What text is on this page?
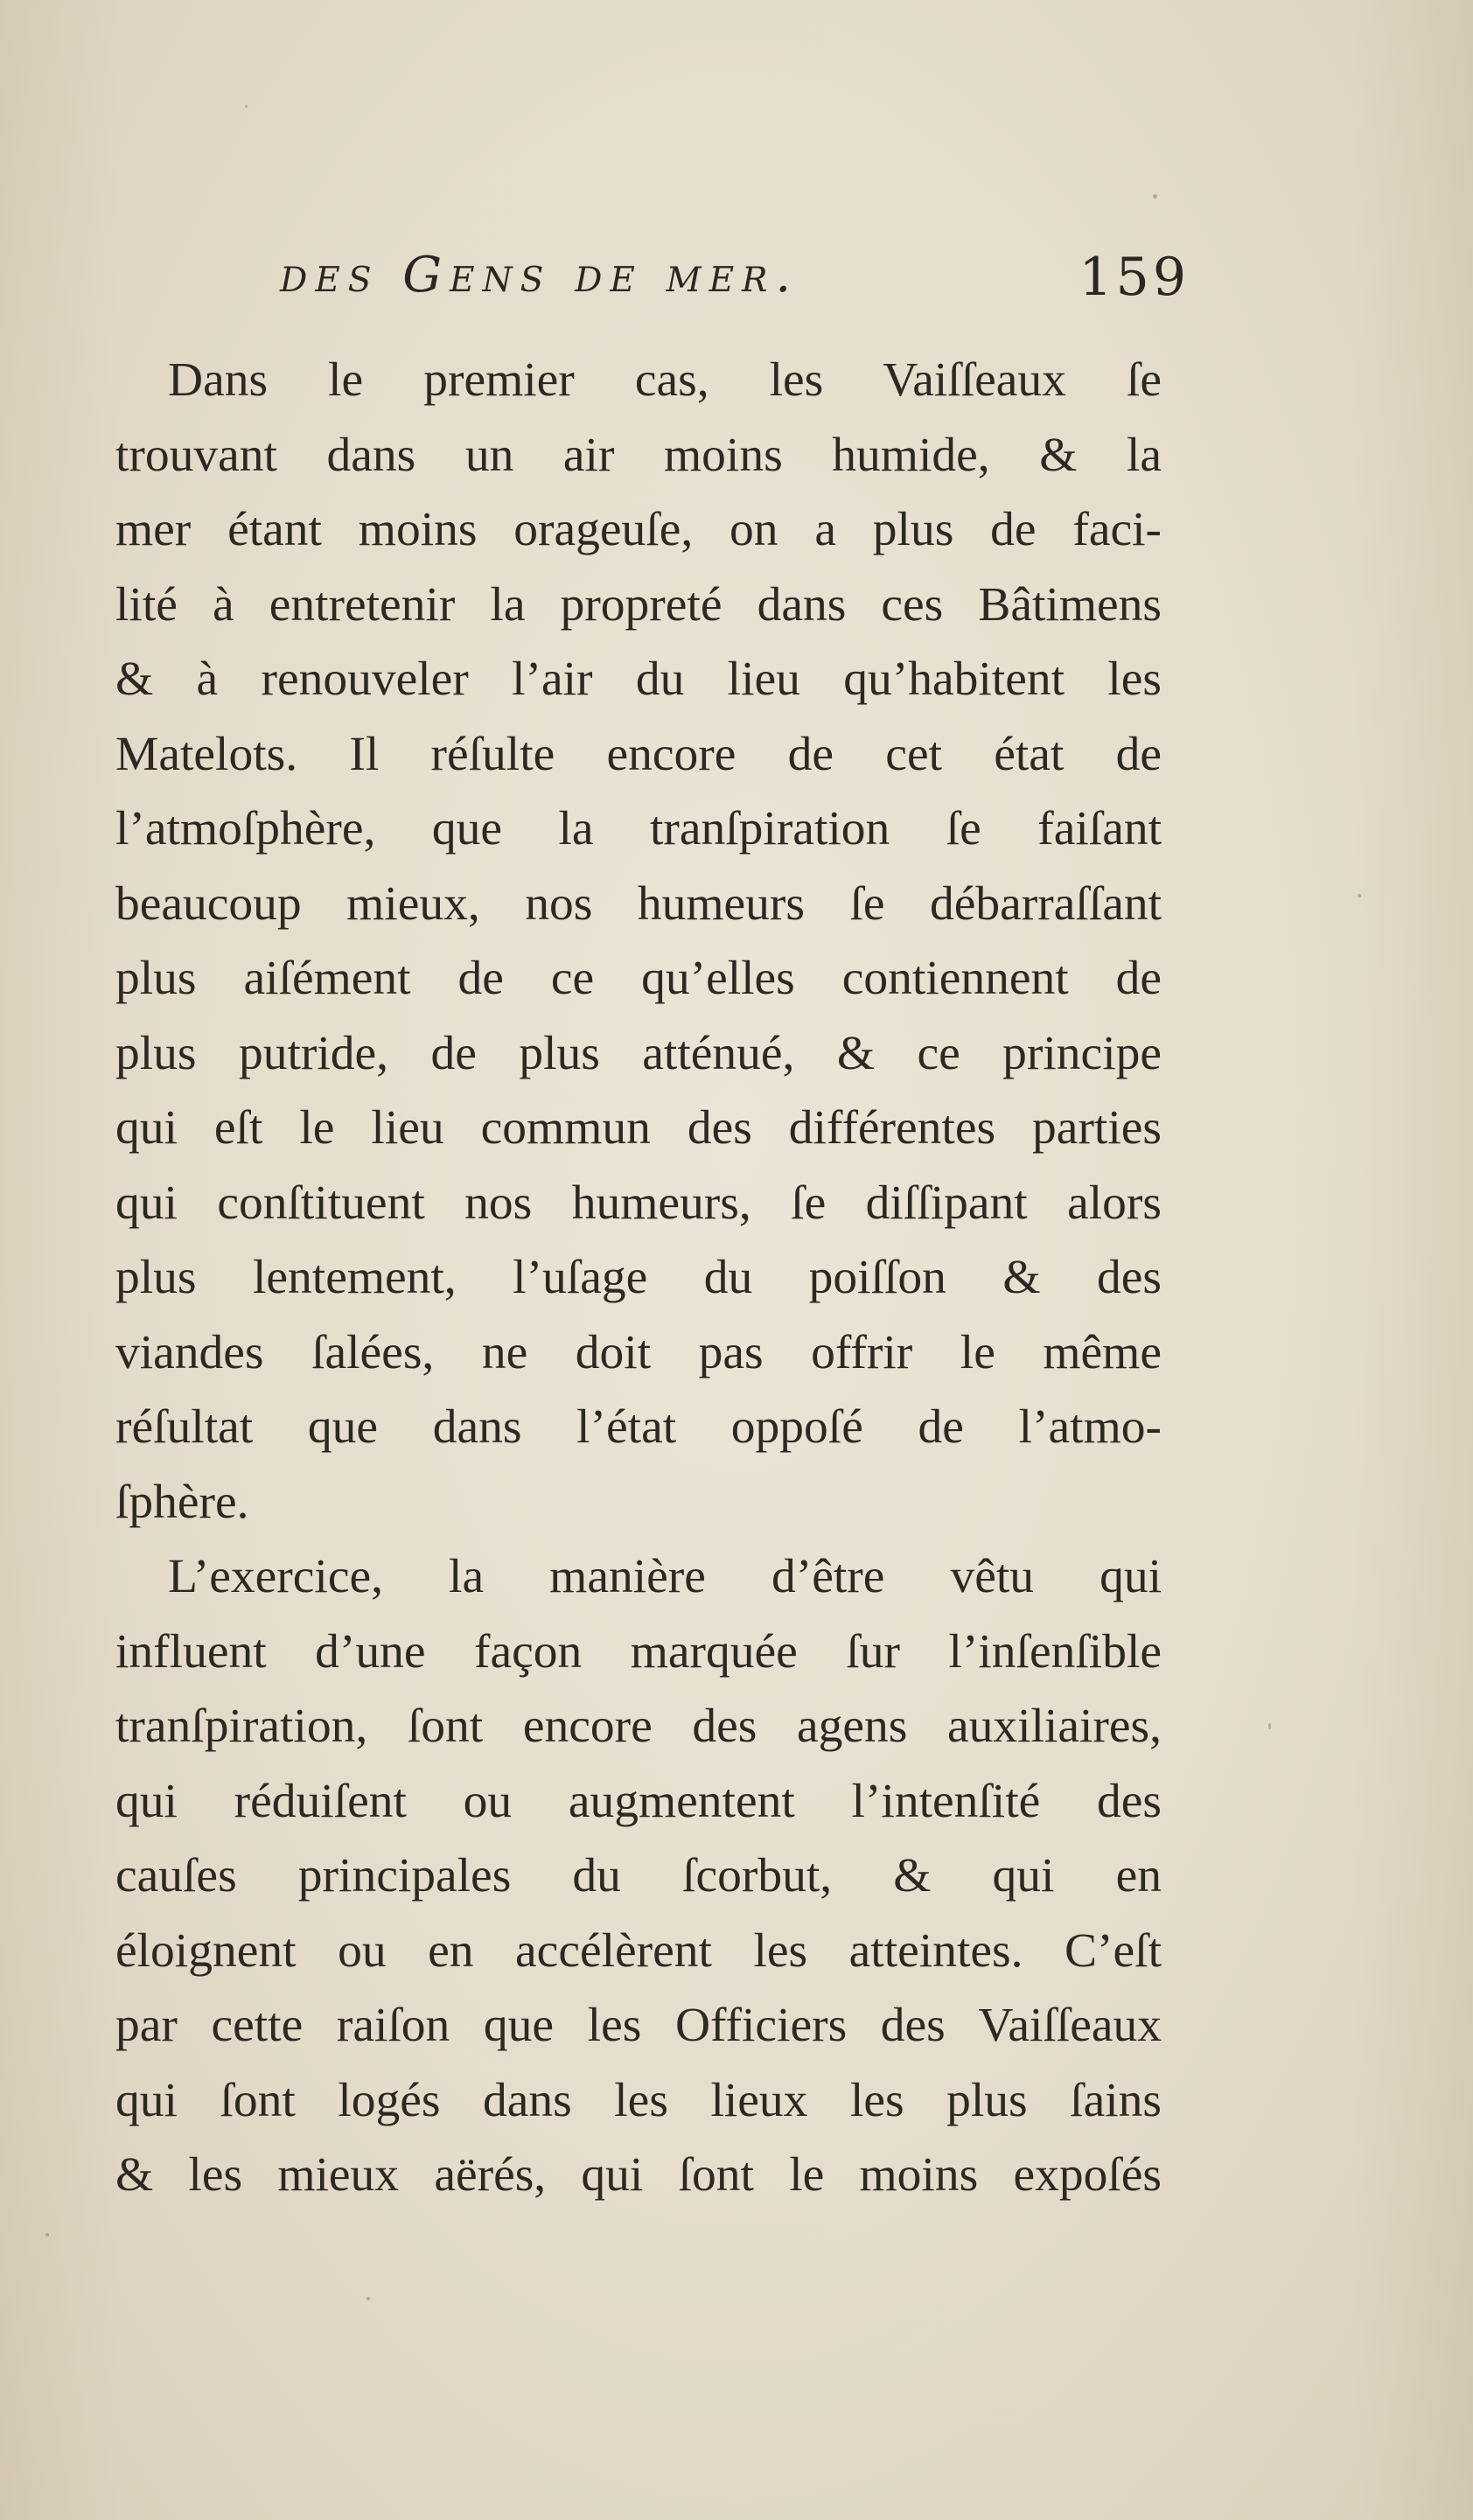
des Gens de mer.	159
Dans le premier cas, les Vaiſſeaux ſe
trouvant dans un air moins humide, & la
mer étant moins orageuſe, on a plus de faci-
lité à entretenir la propreté dans ces Bâtimens
& à renouveler l’air du lieu qu’habitent les
Matelots. Il réſulte encore de cet état de
l’atmoſphère, que la tranſpiration ſe faiſant
beaucoup mieux, nos humeurs ſe débarraſſant
plus aiſément de ce qu’elles contiennent de
plus putride, de plus atténué, & ce principe
qui eſt le lieu commun des différentes parties
qui conſtituent nos humeurs, ſe diſſipant alors
plus lentement, l’uſage du poiſſon & des
viandes ſalées, ne doit pas offrir le même
réſultat que dans l’état oppoſé de l’atmo-
ſphère.
L’exercice, la manière d’être vêtu qui
influent d’une façon marquée ſur l’inſenſible
tranſpiration, ſont encore des agens auxiliaires,
qui réduiſent ou augmentent l’intenſité des
cauſes principales du ſcorbut, & qui en
éloignent ou en accélèrent les atteintes. C’eſt
par cette raiſon que les Officiers des Vaiſſeaux
qui ſont logés dans les lieux les plus ſains
& les mieux aërés, qui ſont le moins expoſés
